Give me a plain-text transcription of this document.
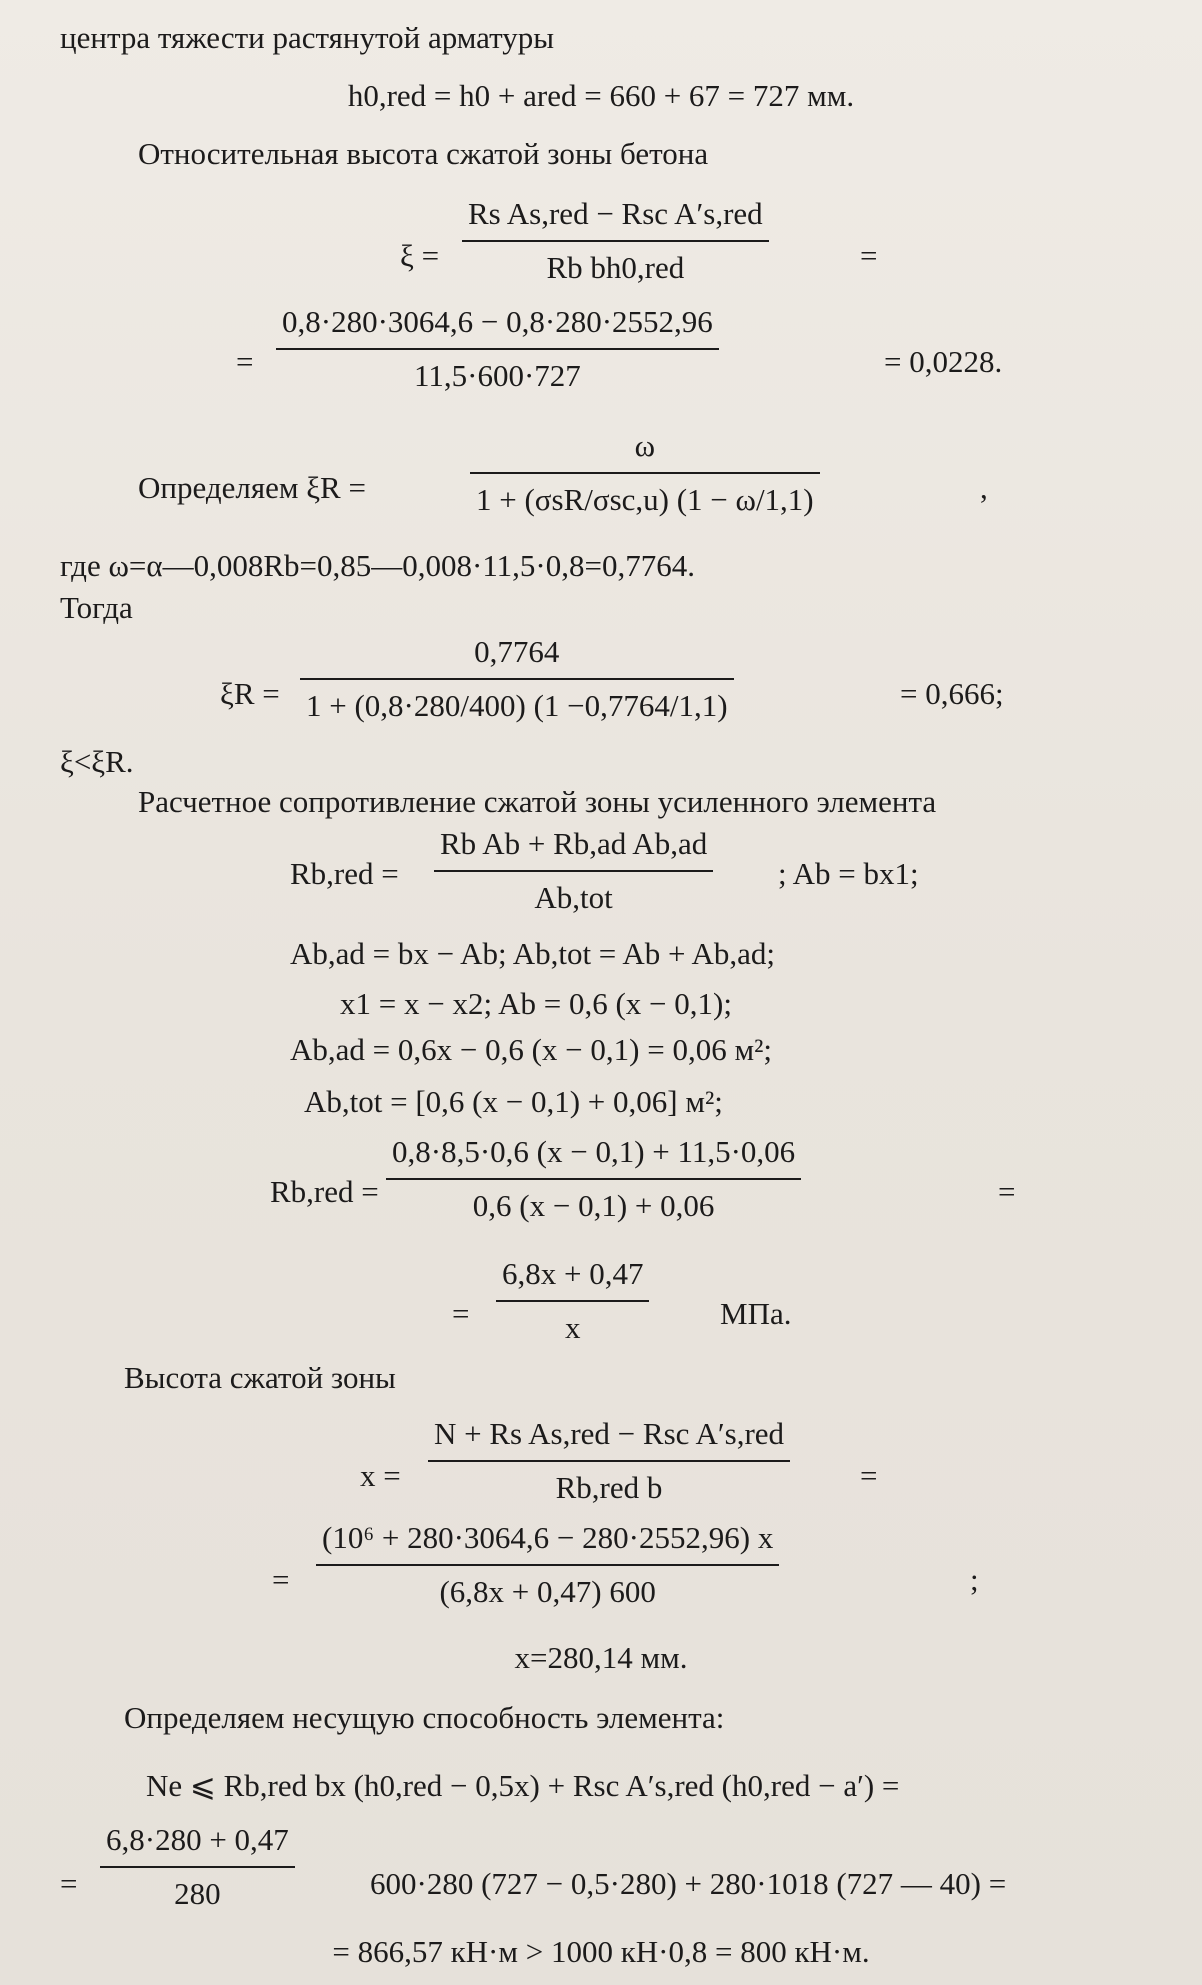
центра тяжести растянутой арматуры
h0,red = h0 + ared = 660 + 67 = 727 мм.
Относительная высота сжатой зоны бетона
ξ =
Rs As,red − Rsc A′s,red
Rb bh0,red	=
= $\frac{0,8\cdot 280\cdot 3064,6 - 0,8\cdot 280\cdot 2552,96}{11,5\cdot 600\cdot 727}$	= 0,0228.
Определяем ξR =
ω
1 + (σsR/σsc,u) (1 − ω/1,1)	,
где ω=α—0,008Rb=0,85—0,008·11,5·0,8=0,7764.
Тогда
$\xi R = \frac{0,7764}{1 + (0,8\cdot 280/400) (1 -0,7764/1,1)}$	= 0,666;
ξ<ξR.
Расчетное сопротивление сжатой зоны усиленного элемента
Rb,red =
Rb Ab + Rb,ad Ab,ad
Ab,tot
; Ab = bx1;
Ab,ad = bx − Ab; Ab,tot = Ab + Ab,ad;
x1 = x − x2; Ab = 0,6 (x − 0,1);
Ab,ad = 0,6x − 0,6 (x − 0,1) = 0,06 м²;
Ab,tot = [0,6 (x − 0,1) + 0,06] м²;
$Rb,red = \frac{0,8\cdot 8,5\cdot 0,6 (x - 0,1) + 11,5\cdot 0,06}{0,6 (x - 0,1) + 0,06}$	=
= $\frac{6,8x + 0,47}{x}$ МПа.
Высота сжатой зоны
x =
N + Rs As,red − Rsc A′s,red
Rb,red b	=
= $\frac{\text{(10⁶ + 280·3064,6 − 280·2552,96) x}}{(6,8x + 0,47) 600}$	;
x=280,14 мм.
Определяем несущую способность элемента:
Ne ⩽ Rb,red bx (h0,red − 0,5x) + Rsc A′s,red (h0,red − a′) =
= $\frac{6,8\cdot 280 + 0,47}{280} 600\cdot 280$ (727 − 0,5·280) + 280·1018 (727 — 40) =
= 866,57 кН·м > 1000 кН·0,8 = 800 кН·м.
